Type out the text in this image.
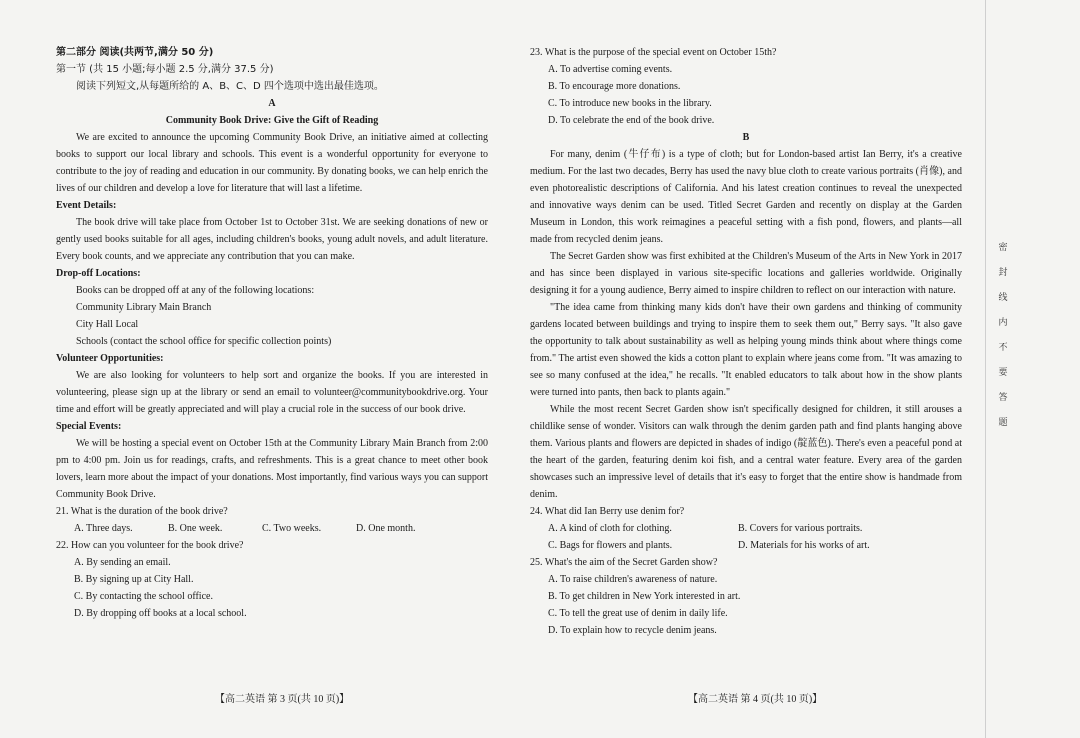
第二部分 阅读(共两节,满分 50 分)

第一节 (共 15 小题;每小题 2.5 分,满分 37.5 分)

阅读下列短文,从每题所给的 A、B、C、D 四个选项中选出最佳选项。

A

Community Book Drive: Give the Gift of Reading

We are excited to announce the upcoming Community Book Drive, an initiative aimed at collecting books to support our local library and schools. This event is a wonderful opportunity for everyone to contribute to the joy of reading and education in our community. By donating books, we can help enrich the lives of our children and develop a love for literature that will last a lifetime.

Event Details:

The book drive will take place from October 1st to October 31st. We are seeking donations of new or gently used books suitable for all ages, including children's books, young adult novels, and adult literature. Every book counts, and we appreciate any contribution that you can make.

Drop-off Locations:

Books can be dropped off at any of the following locations:

Community Library Main Branch

City Hall Local

Schools (contact the school office for specific collection points)

Volunteer Opportunities:

We are also looking for volunteers to help sort and organize the books. If you are interested in volunteering, please sign up at the library or send an email to volunteer@communitybookdrive.org. Your time and effort will be greatly appreciated and will play a crucial role in the success of our book drive.

Special Events:

We will be hosting a special event on October 15th at the Community Library Main Branch from 2:00 pm to 4:00 pm. Join us for readings, crafts, and refreshments. This is a great chance to meet other book lovers, learn more about the impact of your donations. Most importantly, find various ways you can support Community Book Drive.

21. What is the duration of the book drive?

A. Three days.	B. One week.	C. Two weeks.	D. One month.

22. How can you volunteer for the book drive?

A. By sending an email.

B. By signing up at City Hall.

C. By contacting the school office.

D. By dropping off books at a local school.

23. What is the purpose of the special event on October 15th?

A. To advertise coming events.

B. To encourage more donations.

C. To introduce new books in the library.

D. To celebrate the end of the book drive.

B

For many, denim (牛仔布) is a type of cloth; but for London-based artist Ian Berry, it's a creative medium. For the last two decades, Berry has used the navy blue cloth to create various portraits (肖像), and even photorealistic descriptions of California. And his latest creation continues to reveal the unexpected and innovative ways denim can be used. Titled Secret Garden and recently on display at the Garden Museum in London, this work reimagines a peaceful setting with a fish pond, flowers, and plants—all made from recycled denim jeans.

The Secret Garden show was first exhibited at the Children's Museum of the Arts in New York in 2017 and has since been displayed in various site-specific locations and galleries worldwide. Originally designing it for a young audience, Berry aimed to inspire children to reflect on our interaction with nature.

"The idea came from thinking many kids don't have their own gardens and thinking of community gardens located between buildings and trying to inspire them to seek them out," Berry says. "It also gave the opportunity to talk about sustainability as well as helping young minds think about where things come from." The artist even showed the kids a cotton plant to explain where jeans come from. "It was amazing to see so many confused at the idea," he recalls. "It enabled educators to talk about how in the show plants were turned into pants, then back to plants again."

While the most recent Secret Garden show isn't specifically designed for children, it still arouses a childlike sense of wonder. Visitors can walk through the denim garden path and find plants hanging above them. Various plants and flowers are depicted in shades of indigo (靛蓝色). There's even a peaceful pond at the heart of the garden, featuring denim koi fish, and a central water feature. Every area of the garden showcases such an impressive level of details that it's easy to forget that the entire show is handmade from denim.

24. What did Ian Berry use denim for?

A. A kind of cloth for clothing.	B. Covers for various portraits.
C. Bags for flowers and plants.	D. Materials for his works of art.

25. What's the aim of the Secret Garden show?

A. To raise children's awareness of nature.

B. To get children in New York interested in art.

C. To tell the great use of denim in daily life.

D. To explain how to recycle denim jeans.

【高二英语 第 3 页(共 10 页)】	【高二英语 第 4 页(共 10 页)】
密
封
线
内
不
要
答
题
